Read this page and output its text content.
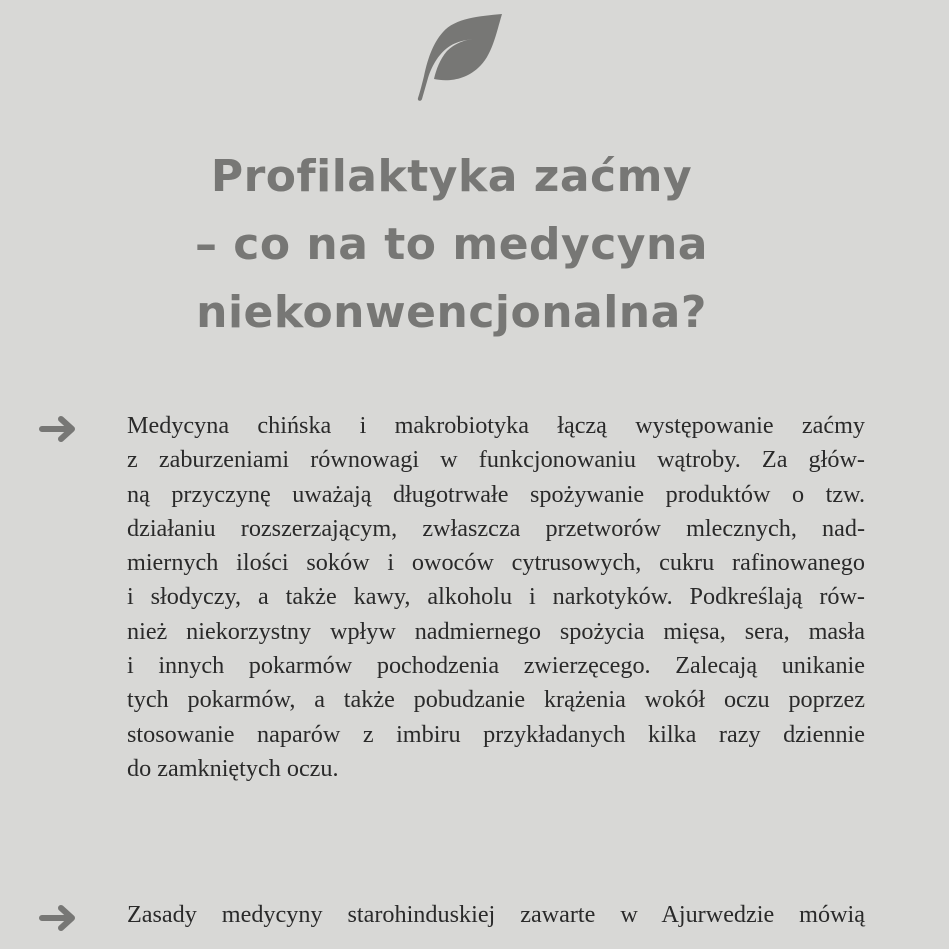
Profilaktyka zaćmy
– co na to medycyna
niekonwencjonalna?

Medycyna chińska i makrobiotyka łączą występowanie zaćmy
z zaburzeniami równowagi w funkcjonowaniu wątroby. Za głów-
ną przyczynę uważają długotrwałe spożywanie produktów o tzw.
działaniu rozszerzającym, zwłaszcza przetworów mlecznych, nad-
miernych ilości soków i owoców cytrusowych, cukru rafinowanego
i słodyczy, a także kawy, alkoholu i narkotyków. Podkreślają rów-
nież niekorzystny wpływ nadmiernego spożycia mięsa, sera, masła
i innych pokarmów pochodzenia zwierzęcego. Zalecają unikanie
tych pokarmów, a także pobudzanie krążenia wokół oczu poprzez
stosowanie naparów z imbiru przykładanych kilka razy dziennie
do zamkniętych oczu.

Zasady medycyny starohinduskiej zawarte w Ajurwedzie mówią
